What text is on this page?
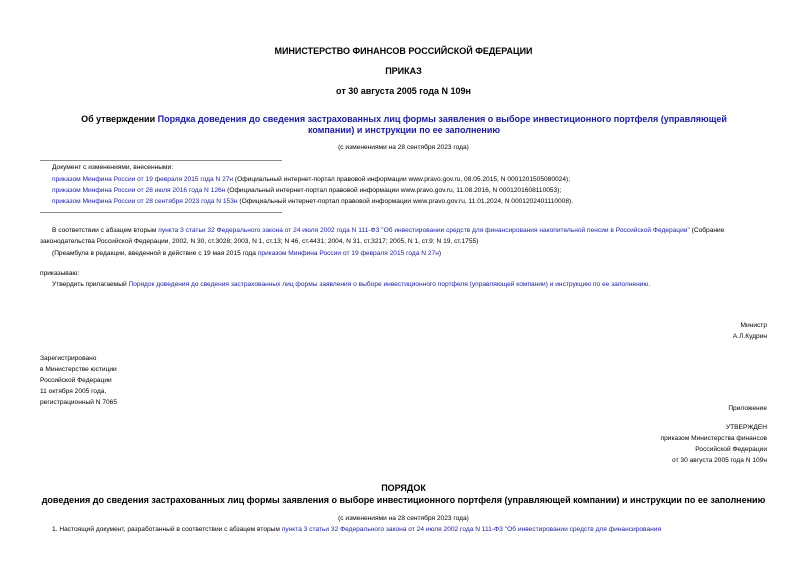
МИНИСТЕРСТВО ФИНАНСОВ РОССИЙСКОЙ ФЕДЕРАЦИИ
ПРИКАЗ
от 30 августа 2005 года N 109н
Об утверждении Порядка доведения до сведения застрахованных лиц формы заявления о выборе инвестиционного портфеля (управляющей компании) и инструкции по ее заполнению
(с изменениями на 28 сентября 2023 года)
Документ с изменениями, внесенными:
приказом Минфина России от 19 февраля 2015 года N 27н (Официальный интернет-портал правовой информации www.pravo.gov.ru, 08.05.2015, N 0001201505080024);
приказом Минфина России от 28 июля 2016 года N 126н (Официальный интернет-портал правовой информации www.pravo.gov.ru, 11.08.2016, N 0001201608110053);
приказом Минфина России от 28 сентября 2023 года N 153н (Официальный интернет-портал правовой информации www.pravo.gov.ru, 11.01.2024, N 0001202401110008).
В соответствии с абзацем вторым пункта 3 статьи 32 Федерального закона от 24 июля 2002 года N 111-ФЗ "Об инвестировании средств для финансирования накопительной пенсии в Российской Федерации" (Собрание законодательства Российской Федерации, 2002, N 30, ст.3028; 2003, N 1, ст.13; N 46, ст.4431; 2004, N 31, ст.3217; 2005, N 1, ст.9; N 19, ст.1755)
(Преамбула в редакции, введенной в действие с 19 мая 2015 года приказом Минфина России от 19 февраля 2015 года N 27н)
приказываю:
Утвердить прилагаемый Порядок доведения до сведения застрахованных лиц формы заявления о выборе инвестиционного портфеля (управляющей компании) и инструкцию по ее заполнению.
Министр
А.Л.Кудрин
Зарегистрировано
в Министерстве юстиции
Российской Федерации
11 октября 2005 года,
регистрационный N 7065
Приложение
УТВЕРЖДЕН
приказом Министерства финансов
Российской Федерации
от 30 августа 2005 года N 109н
ПОРЯДОК
доведения до сведения застрахованных лиц формы заявления о выборе инвестиционного портфеля (управляющей компании) и инструкции по ее заполнению
(с изменениями на 28 сентября 2023 года)
1. Настоящий документ, разработанный в соответствии с абзацем вторым пункта 3 статьи 32 Федерального закона от 24 июля 2002 года N 111-ФЗ "Об инвестировании средств для финансирования
